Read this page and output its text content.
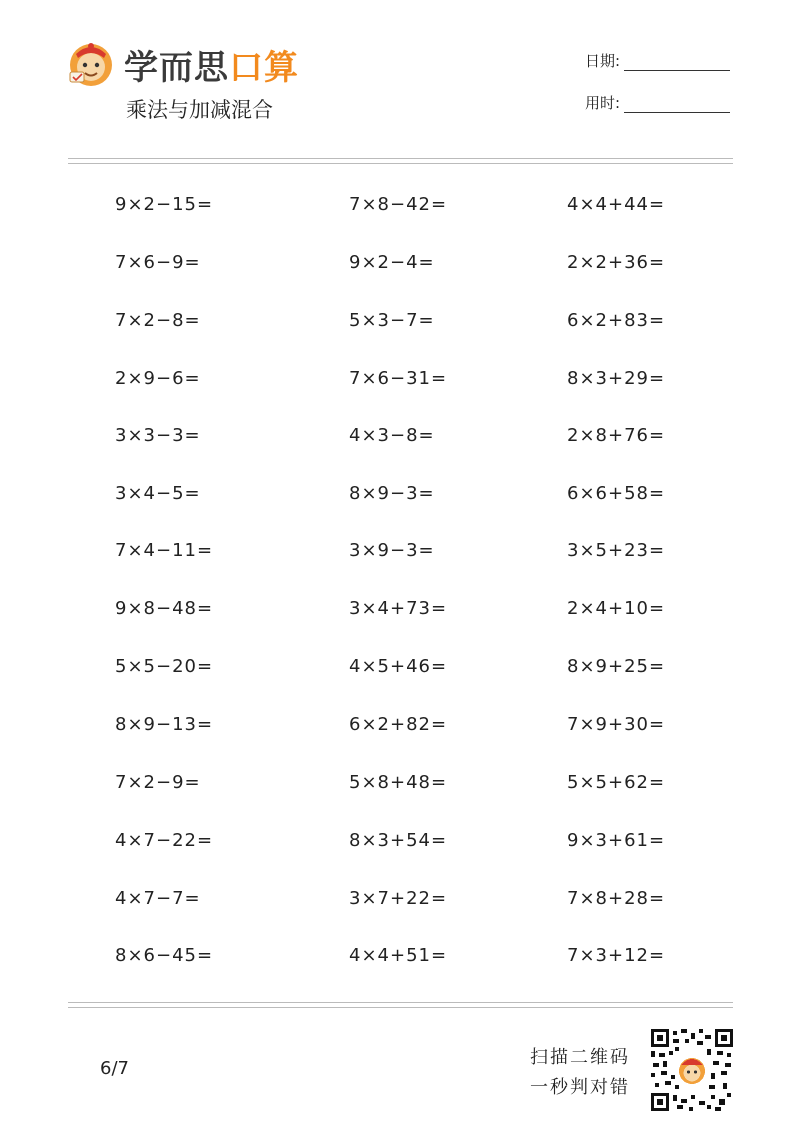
学而思口算
乘法与加减混合
日期:
用时:
9×2−15=
7×6−9=
7×2−8=
2×9−6=
3×3−3=
3×4−5=
7×4−11=
9×8−48=
5×5−20=
8×9−13=
7×2−9=
4×7−22=
4×7−7=
8×6−45=
7×8−42=
9×2−4=
5×3−7=
7×6−31=
4×3−8=
8×9−3=
3×9−3=
3×4+73=
4×5+46=
6×2+82=
5×8+48=
8×3+54=
3×7+22=
4×4+51=
4×4+44=
2×2+36=
6×2+83=
8×3+29=
2×8+76=
6×6+58=
3×5+23=
2×4+10=
8×9+25=
7×9+30=
5×5+62=
9×3+61=
7×8+28=
7×3+12=
6/7
扫描二维码
一秒判对错
